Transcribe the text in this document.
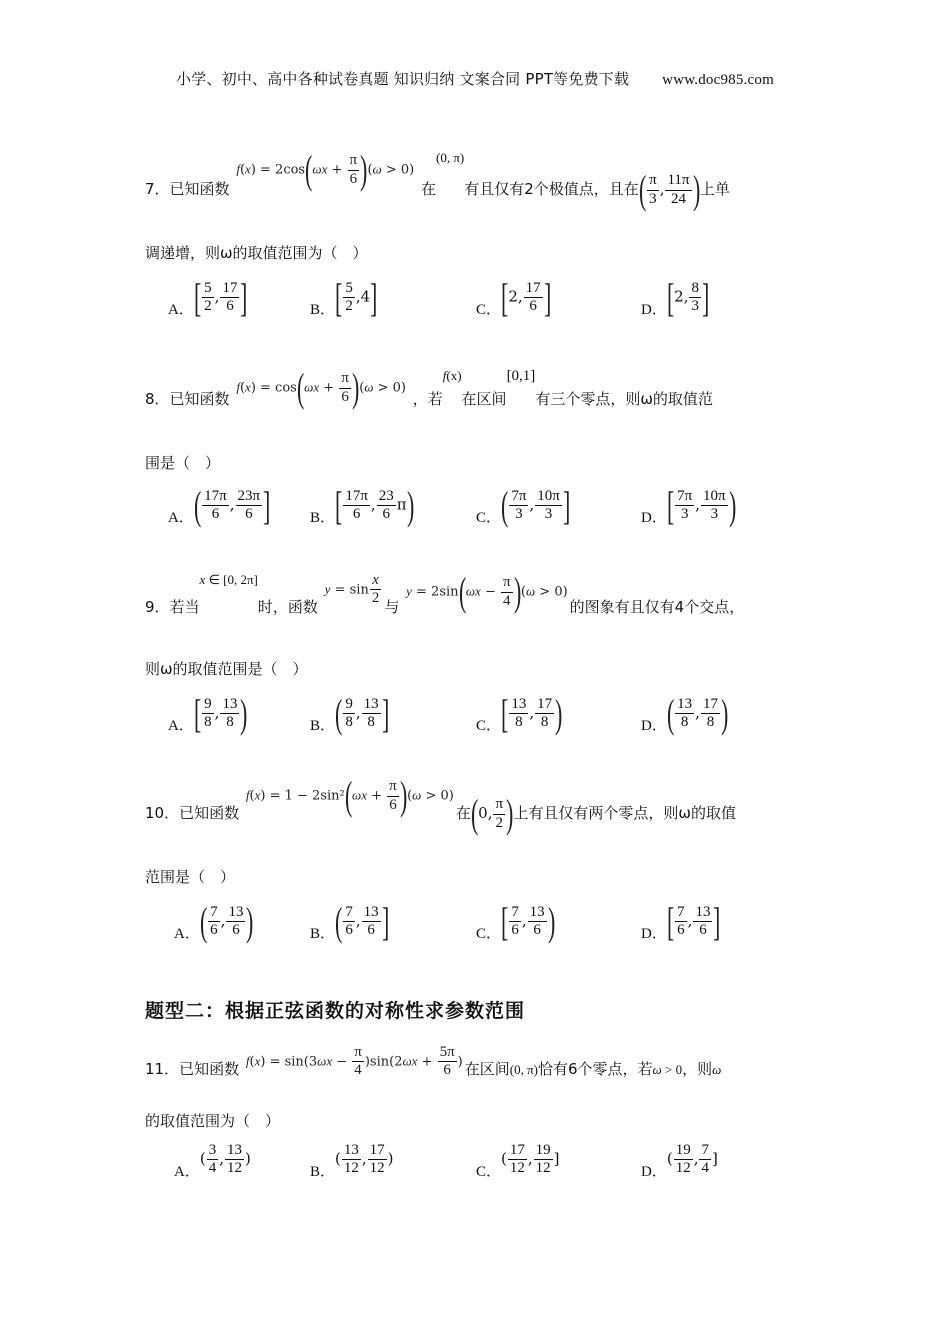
小学、初中、高中各种试卷真题 知识归纳 文案合同 PPT等免费下载 www.doc985.com
7．已知函数 $f(x) = 2\cos(\omega x + \frac{\pi}{6} )(\omega > 0)$ 在(0, π)有且仅有2个极值点，且在( $\frac{\pi}{3}$ , $\frac{11\pi}{24}$ )上单
调递增，则ω的取值范围为（　）
A．[ $\frac{5}{2}$ , $\frac{17}{6}$ ]	B．[ $\frac{5}{2} ,4$]	C．[2, $\frac{17}{6}$ ]	D．[2, $\frac{8}{3}$ ]
8．已知函数 $f(x) = \cos(\omega x + \frac{\pi}{6} )(\omega > 0)$ ，若f(x)在区间[0,1]有三个零点，则ω的取值范
围是（　）
A．( $\frac{17\pi}{6}$ , $\frac{23\pi}{6}$ ]	B．[ $\frac{17\pi}{6}$ , $\frac{23}{6} \pi$)	C．( $\frac{7\pi}{3}$ , $\frac{10\pi}{3}$ ]	D．[ $\frac{7\pi}{3}$ , $\frac{10\pi}{3}$ )
9．若当x ∈ [0, 2π]时，函数 $y = \sin \frac{x}{2}$ 与 $y = 2\sin(\omega x - \frac{\pi}{4} )(\omega > 0)$的图象有且仅有4个交点，
则ω的取值范围是（　）
A．[ $\frac{9}{8}$ , $\frac{13}{8}$ )	B．( $\frac{9}{8}$ , $\frac{13}{8}$ ]	C．[ $\frac{13}{8}$ , $\frac{17}{8}$ )	D．( $\frac{13}{8}$ , $\frac{17}{8}$ )
10．已知函数 $f(x) = 1 - 2\sin^2(\omega x + \frac{\pi}{6} )(\omega > 0)$在(0, $\frac{\pi}{2}$ )上有且仅有两个零点，则ω的取值
范围是（　）
A．( $\frac{7}{6}$ , $\frac{13}{6}$ )	B．( $\frac{7}{6}$ , $\frac{13}{6}$ ]	C．[ $\frac{7}{6}$ , $\frac{13}{6}$ )	D．[ $\frac{7}{6}$ , $\frac{13}{6}$ ]
题型二：根据正弦函数的对称性求参数范围
11．已知函数 $f(x) = \sin(3\omega x - \frac{\pi}{4} )\sin(2\omega x + \frac{5\pi}{6}$ ) 在区间(0, π)恰有6个零点，若ω > 0，则ω
的取值范围为（　）
A．( $\frac{3}{4}$ , $\frac{13}{12}$ )
B．( $\frac{13}{12}$ , $\frac{17}{12}$ )
C．( $\frac{17}{12}$ , $\frac{19}{12}$ ]
D．( $\frac{19}{12}$ , $\frac{7}{4}$ ]
